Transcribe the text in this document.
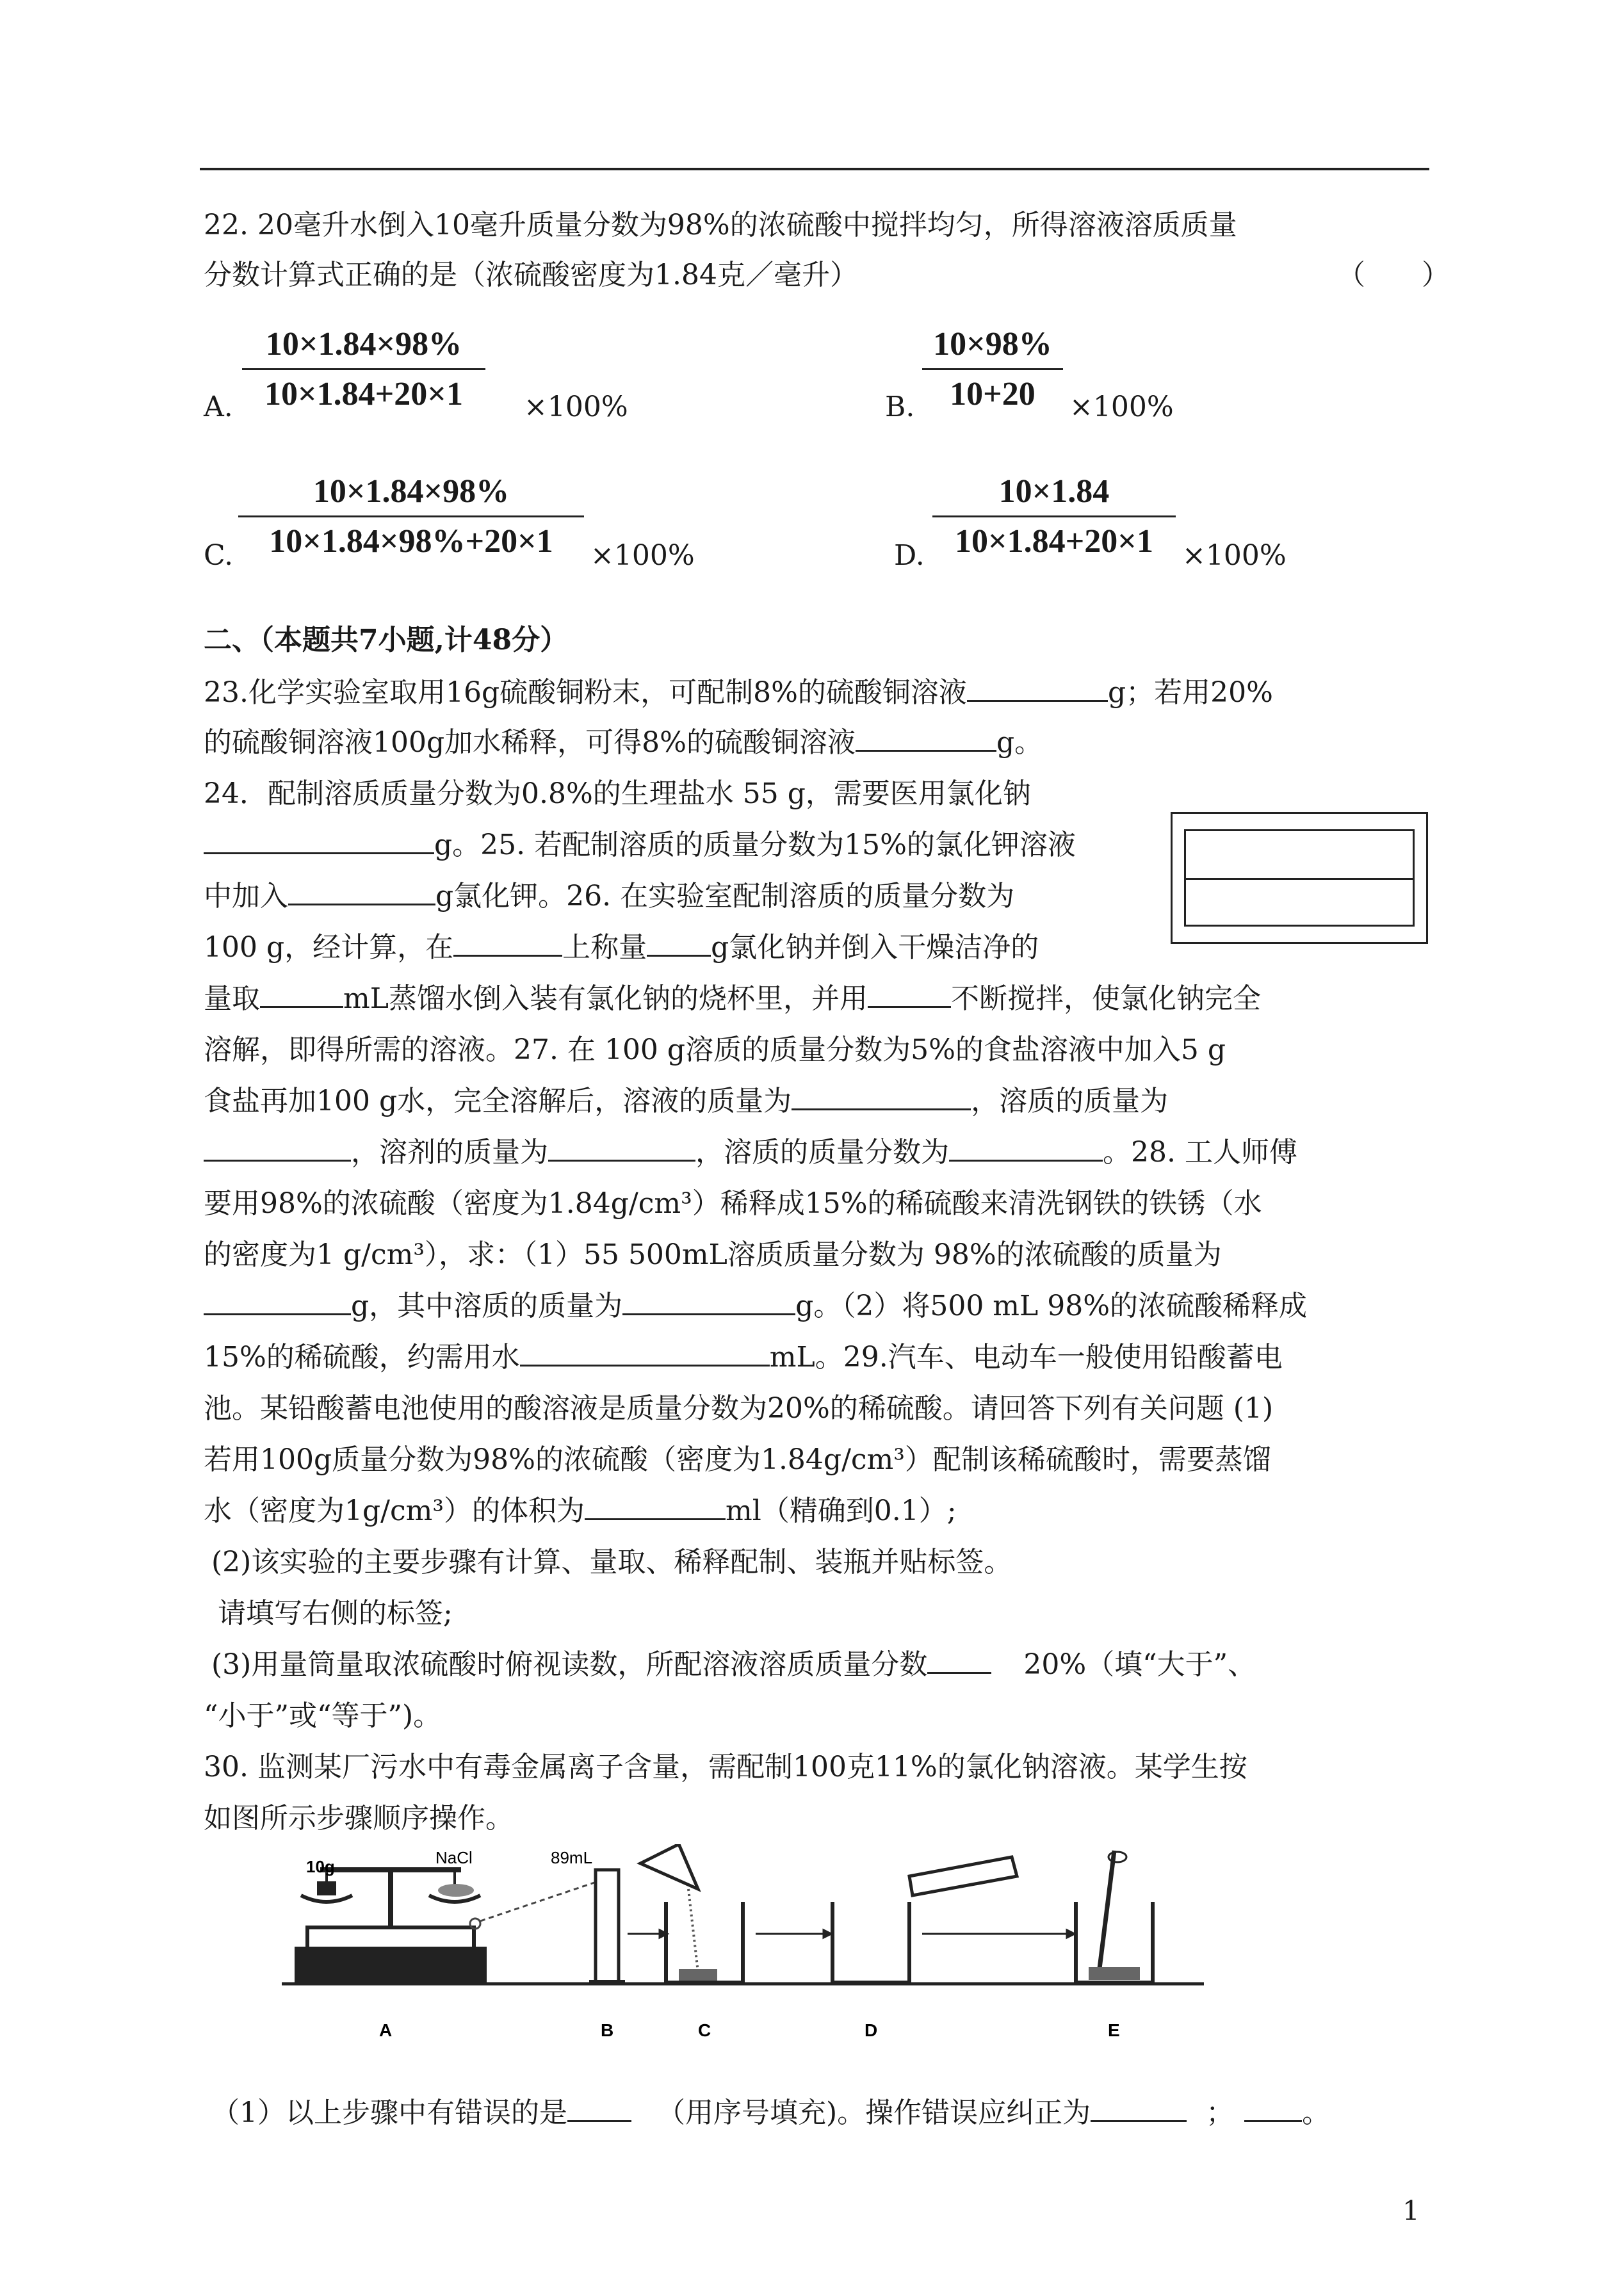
22. 20毫升水倒入10毫升质量分数为98%的浓硫酸中搅拌均匀，所得溶液溶质质量
分数计算式正确的是（浓硫酸密度为1.84克／毫升）	（　　）
A.
10×1.84×98%
10×1.84+20×1	×100%	B.
10×98%
10+20	×100%
C.
10×1.84×98%
10×1.84×98%+20×1	×100%	D.
10×1.84
10×1.84+20×1	×100%
二、（本题共7小题,计48分）
23.化学实验室取用16g硫酸铜粉末，可配制8%的硫酸铜溶液	g；若用20%
的硫酸铜溶液100g加水稀释，可得8%的硫酸铜溶液	g。
24．配制溶质质量分数为0.8%的生理盐水 55 g，需要医用氯化钠
g。25. 若配制溶质的质量分数为15%的氯化钾溶液
中加入	g氯化钾。26. 在实验室配制溶质的质量分数为
100 g，经计算，在	上称量 g氯化钠并倒入干燥洁净的
量取	mL蒸馏水倒入装有氯化钠的烧杯里，并用	不断搅拌，使氯化钠完全
溶解，即得所需的溶液。27. 在 100 g溶质的质量分数为5%的食盐溶液中加入5 g
食盐再加100 g水，完全溶解后，溶液的质量为	，溶质的质量为
，溶剂的质量为	，溶质的质量分数为	。28. 工人师傅
要用98%的浓硫酸（密度为1.84g/cm³）稀释成15%的稀硫酸来清洗钢铁的铁锈（水
的密度为1 g/cm³），求：（1）55 500mL溶质质量分数为 98%的浓硫酸的质量为
g，其中溶质的质量为	g。（2）将500 mL 98%的浓硫酸稀释成
15%的稀硫酸，约需用水	mL。29.汽车、电动车一般使用铅酸蓄电
池。某铅酸蓄电池使用的酸溶液是质量分数为20%的稀硫酸。请回答下列有关问题 (1)
若用100g质量分数为98%的浓硫酸（密度为1.84g/cm³）配制该稀硫酸时，需要蒸馏
水（密度为1g/cm³）的体积为	ml（精确到0.1）;
(2)该实验的主要步骤有计算、量取、稀释配制、装瓶并贴标签。
请填写右侧的标签;
(3)用量筒量取浓硫酸时俯视读数，所配溶液溶质质量分数	20%（填“大于”、
“小于”或“等于”)。
30. 监测某厂污水中有毒金属离子含量，需配制100克11%的氯化钠溶液。某学生按
如图所示步骤顺序操作。
10g	NaCl	89mL
A	B	C	D	E
（1）以上步骤中有错误的是	（用序号填充)。操作错误应纠正为	； 。
1
